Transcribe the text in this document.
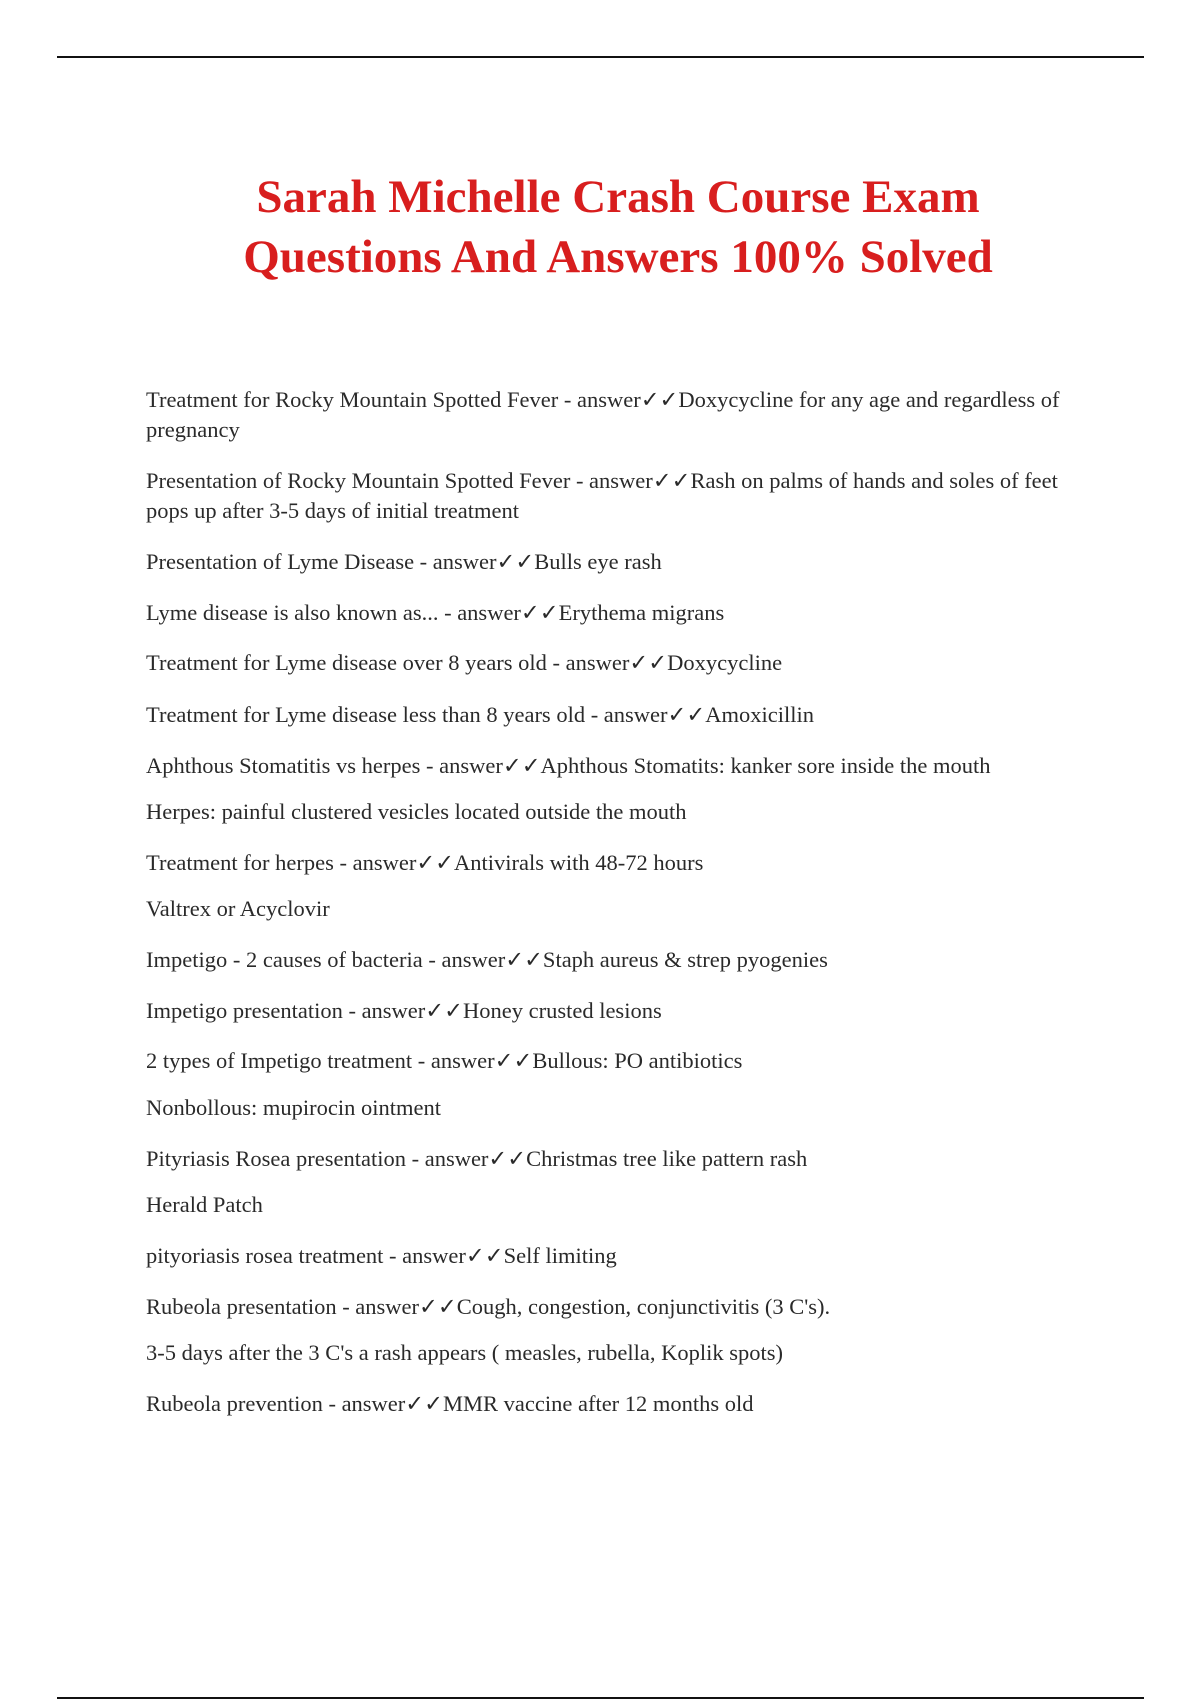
Sarah Michelle Crash Course Exam
Questions And Answers 100% Solved
Treatment for Rocky Mountain Spotted Fever - answer✓✓Doxycycline for any age and regardless of pregnancy
Presentation of Rocky Mountain Spotted Fever - answer✓✓Rash on palms of hands and soles of feet pops up after 3-5 days of initial treatment
Presentation of Lyme Disease - answer✓✓Bulls eye rash
Lyme disease is also known as... - answer✓✓Erythema migrans
Treatment for Lyme disease over 8 years old - answer✓✓Doxycycline
Treatment for Lyme disease less than 8 years old - answer✓✓Amoxicillin
Aphthous Stomatitis vs herpes - answer✓✓Aphthous Stomatits: kanker sore inside the mouth
Herpes: painful clustered vesicles located outside the mouth
Treatment for herpes - answer✓✓Antivirals with 48-72 hours
Valtrex or Acyclovir
Impetigo - 2 causes of bacteria - answer✓✓Staph aureus & strep pyogenies
Impetigo presentation - answer✓✓Honey crusted lesions
2 types of Impetigo treatment - answer✓✓Bullous: PO antibiotics
Nonbollous: mupirocin ointment
Pityriasis Rosea presentation - answer✓✓Christmas tree like pattern rash
Herald Patch
pityoriasis rosea treatment - answer✓✓Self limiting
Rubeola presentation - answer✓✓Cough, congestion, conjunctivitis (3 C's).
3-5 days after the 3 C's a rash appears ( measles, rubella, Koplik spots)
Rubeola prevention - answer✓✓MMR vaccine after 12 months old
